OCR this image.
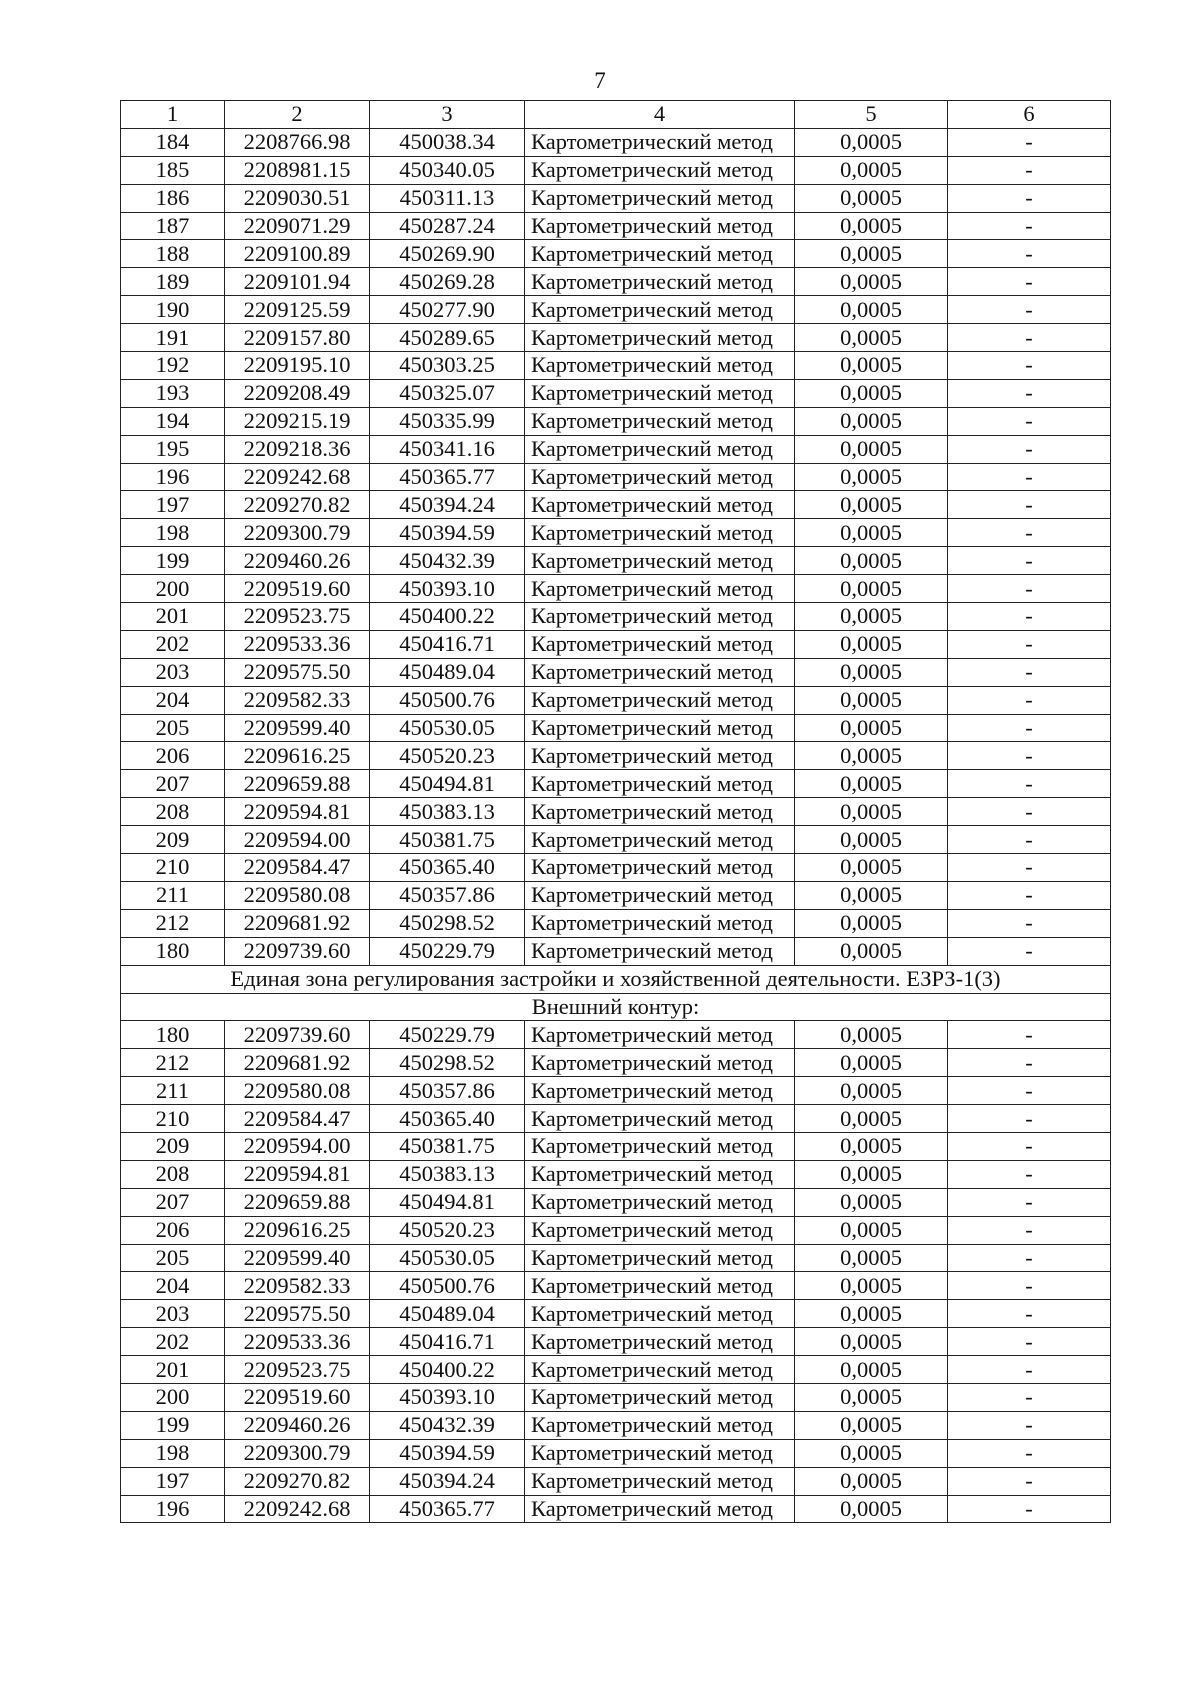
7
1	2	3	4	5	6
184	2208766.98	450038.34	Картометрический метод	0,0005	-
185	2208981.15	450340.05	Картометрический метод	0,0005	-
186	2209030.51	450311.13	Картометрический метод	0,0005	-
187	2209071.29	450287.24	Картометрический метод	0,0005	-
188	2209100.89	450269.90	Картометрический метод	0,0005	-
189	2209101.94	450269.28	Картометрический метод	0,0005	-
190	2209125.59	450277.90	Картометрический метод	0,0005	-
191	2209157.80	450289.65	Картометрический метод	0,0005	-
192	2209195.10	450303.25	Картометрический метод	0,0005	-
193	2209208.49	450325.07	Картометрический метод	0,0005	-
194	2209215.19	450335.99	Картометрический метод	0,0005	-
195	2209218.36	450341.16	Картометрический метод	0,0005	-
196	2209242.68	450365.77	Картометрический метод	0,0005	-
197	2209270.82	450394.24	Картометрический метод	0,0005	-
198	2209300.79	450394.59	Картометрический метод	0,0005	-
199	2209460.26	450432.39	Картометрический метод	0,0005	-
200	2209519.60	450393.10	Картометрический метод	0,0005	-
201	2209523.75	450400.22	Картометрический метод	0,0005	-
202	2209533.36	450416.71	Картометрический метод	0,0005	-
203	2209575.50	450489.04	Картометрический метод	0,0005	-
204	2209582.33	450500.76	Картометрический метод	0,0005	-
205	2209599.40	450530.05	Картометрический метод	0,0005	-
206	2209616.25	450520.23	Картометрический метод	0,0005	-
207	2209659.88	450494.81	Картометрический метод	0,0005	-
208	2209594.81	450383.13	Картометрический метод	0,0005	-
209	2209594.00	450381.75	Картометрический метод	0,0005	-
210	2209584.47	450365.40	Картометрический метод	0,0005	-
211	2209580.08	450357.86	Картометрический метод	0,0005	-
212	2209681.92	450298.52	Картометрический метод	0,0005	-
180	2209739.60	450229.79	Картометрический метод	0,0005	-
Единая зона регулирования застройки и хозяйственной деятельности. ЕЗРЗ-1(3)					
Внешний контур:					
180	2209739.60	450229.79	Картометрический метод	0,0005	-
212	2209681.92	450298.52	Картометрический метод	0,0005	-
211	2209580.08	450357.86	Картометрический метод	0,0005	-
210	2209584.47	450365.40	Картометрический метод	0,0005	-
209	2209594.00	450381.75	Картометрический метод	0,0005	-
208	2209594.81	450383.13	Картометрический метод	0,0005	-
207	2209659.88	450494.81	Картометрический метод	0,0005	-
206	2209616.25	450520.23	Картометрический метод	0,0005	-
205	2209599.40	450530.05	Картометрический метод	0,0005	-
204	2209582.33	450500.76	Картометрический метод	0,0005	-
203	2209575.50	450489.04	Картометрический метод	0,0005	-
202	2209533.36	450416.71	Картометрический метод	0,0005	-
201	2209523.75	450400.22	Картометрический метод	0,0005	-
200	2209519.60	450393.10	Картометрический метод	0,0005	-
199	2209460.26	450432.39	Картометрический метод	0,0005	-
198	2209300.79	450394.59	Картометрический метод	0,0005	-
197	2209270.82	450394.24	Картометрический метод	0,0005	-
196	2209242.68	450365.77	Картометрический метод	0,0005	-
